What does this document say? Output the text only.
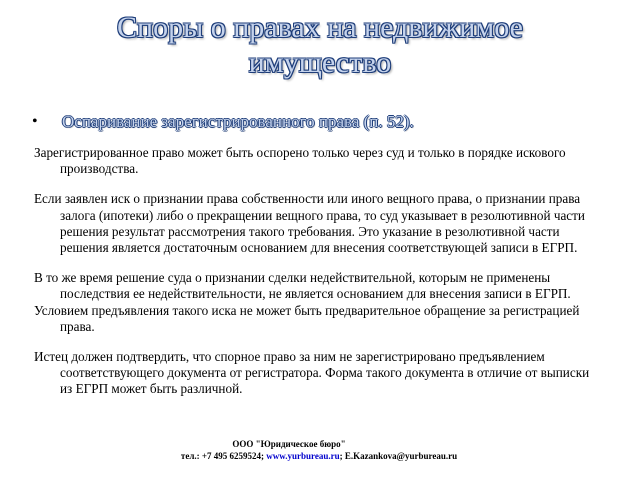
Споры о правах на недвижимое
имущество
• Оспаривание зарегистрированного права (п. 52).

Зарегистрированное право может быть оспорено только через суд и только в порядке искового производства.

Если заявлен иск о признании права собственности или иного вещного права, о признании права залога (ипотеки) либо о прекращении вещного права, то суд указывает в резолютивной части решения результат рассмотрения такого требования. Это указание в резолютивной части решения является достаточным основанием для внесения соответствующей записи в ЕГРП.

В то же время решение суда о признании сделки недействительной, которым не применены последствия ее недействительности, не является основанием для внесения записи в ЕГРП.

Условием предъявления такого иска не может быть предварительное обращение за регистрацией права.

Истец должен подтвердить, что спорное право за ним не зарегистрировано предъявлением соответствующего документа от регистратора. Форма такого документа в отличие от выписки из ЕГРП может быть различной.

ООО "Юридическое бюро"
тел.: +7 495 6259524; www.yurbureau.ru; E.Kazankova@yurbureau.ru
